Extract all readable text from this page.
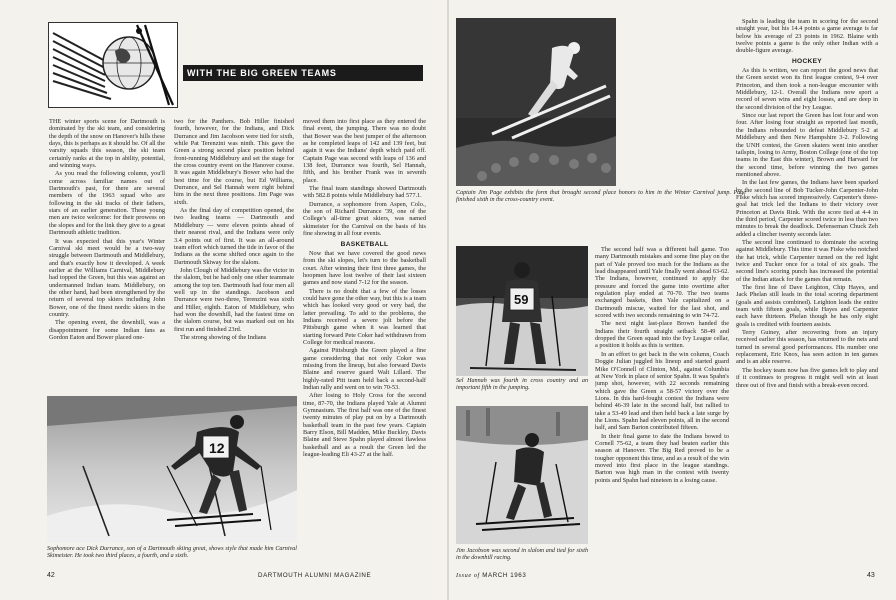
WITH THE BIG GREEN TEAMS

THE winter sports scene for Dartmouth is dominated by the ski team, and considering the depth of the snow on Hanover's hills these days, this is perhaps as it should be. Of all the varsity squads this season, the ski team certainly ranks at the top in ability, potential, and winning ways.

As you read the following column, you'll come across familiar names out of Dartmouth's past, for there are several members of the 1963 squad who are following in the ski tracks of their fathers, stars of an earlier generation. These young men are twice welcome: for their prowess on the slopes and for the link they give to a great Dartmouth athletic tradition.

It was expected that this year's Winter Carnival ski meet would be a two-way struggle between Dartmouth and Middlebury, and that's exactly how it developed. A week earlier at the Williams Carnival, Middlebury had topped the Green, but this was against an undermanned Indian team. Middlebury, on the other hand, had been strengthened by the return of several top skiers including John Bower, one of the finest nordic skiers in the country.

The opening event, the downhill, was a disappointment for some Indian fans as Gordon Eaton and Bower placed one-

two for the Panthers. Bob Hiller finished fourth, however, for the Indians, and Dick Durrance and Jim Jacobson were tied for sixth, while Pat Terenzini was ninth. This gave the Green a strong second place position behind front-running Middlebury and set the stage for the cross country event on the Hanover course. It was again Middlebury's Bower who had the best time for the course, but Ed Williams, Durrance, and Sel Hannah were right behind him in the next three positions. Jim Page was sixth.

As the final day of competition opened, the two leading teams — Dartmouth and Middlebury — were eleven points ahead of their nearest rival, and the Indians were only 3.4 points out of first. It was an all-around team effort which turned the tide in favor of the Indians as the scene shifted once again to the Dartmouth Skiway for the slalom.

John Clough of Middlebury was the victor in the slalom, but he had only one other teammate among the top ten. Dartmouth had four men all well up in the standings. Jacobson and Durrance were two-three, Terenzini was sixth and Hiller, eighth. Eaton of Middlebury, who had won the downhill, had the fastest time on the slalom course, but was marked out on his first run and finished 23rd.

The strong showing of the Indians

moved them into first place as they entered the final event, the jumping. There was no doubt that Bower was the best jumper of the afternoon as he completed leaps of 142 and 139 feet, but again it was the Indians' depth which paid off. Captain Page was second with leaps of 136 and 138 feet, Durrance was fourth, Sel Hannah, fifth, and his brother Frank was in seventh place.

The final team standings showed Dartmouth with 582.8 points while Middlebury had 577.1.

Durrance, a sophomore from Aspen, Colo., the son of Richard Durrance '39, one of the College's all-time great skiers, was named skimeister for the Carnival on the basis of his fine showing in all four events.

BASKETBALL

Now that we have covered the good news from the ski slopes, let's turn to the basketball court. After winning their first three games, the hoopmen have lost twelve of their last sixteen games and now stand 7-12 for the season.

There is no doubt that a few of the losses could have gone the other way, but this is a team which has looked very good or very bad, the latter prevailing. To add to the problems, the Indians received a severe jolt before the Pittsburgh game when it was learned that starting forward Pete Coker had withdrawn from College for medical reasons.

Against Pittsburgh the Green played a fine game considering that not only Coker was missing from the lineup, but also forward Davis Blaine and reserve guard Walt Lillard. The highly-rated Pitt team held back a second-half Indian rally and went on to win 70-53.

After losing to Holy Cross for the second time, 87-70, the Indians played Yale at Alumni Gymnasium. The first half was one of the finest twenty minutes of play put on by a Dartmouth basketball team in the past few years. Captain Barry Elson, Bill Madden, Mike Buckley, Davis Blaine and Steve Spahn played almost flawless basketball and as a result the Green led the league-leading Eli 43-27 at the half.

12
Sophomore ace Dick Durrance, son of a Dartmouth skiing great, shows style that made him Carnival Skimeister. He took two third places, a fourth, and a sixth.
42	DARTMOUTH ALUMNI MAGAZINE
Captain Jim Page exhibits the form that brought second place honors to him in the Winter Carnival jump. Page finished sixth in the cross-country event.
59
Sel Hannah was fourth in cross country and an important fifth in the jumping.
Jim Jacobson was second in slalom and tied for sixth in the downhill racing.

The second half was a different ball game. Too many Dartmouth mistakes and some fine play on the part of Yale proved too much for the Indians as the lead disappeared until Yale finally went ahead 63-62. The Indians, however, continued to apply the pressure and forced the game into overtime after regulation play ended at 70-70. The two teams exchanged baskets, then Yale capitalized on a Dartmouth miscue, waited for the last shot, and scored with two seconds remaining to win 74-72.

The next night last-place Brown handed the Indians their fourth straight setback 58-49 and dropped the Green squad into the Ivy League cellar, a position it holds as this is written.

In an effort to get back in the win column, Coach Doggie Julian juggled his lineup and started guard Mike O'Connell of Clinton, Md., against Columbia at New York in place of senior Spahn. It was Spahn's jump shot, however, with 22 seconds remaining which gave the Green a 58-57 victory over the Lions. In this hard-fought contest the Indians were behind 46-39 late in the second half, but rallied to take a 53-49 lead and then held back a late surge by the Lions. Spahn had eleven points, all in the second half, and Sam Barton contributed fifteen.

In their final game to date the Indians bowed to Cornell 75-62, a team they had beaten earlier this season at Hanover. The Big Red proved to be a tougher opponent this time, and as a result of the win moved into first place in the league standings. Barton was high man in the contest with twenty points and Spahn had nineteen in a losing cause.

Spahn is leading the team in scoring for the second straight year, but his 14.4 points a game average is far below his average of 23 points in 1962. Blaine with twelve points a game is the only other Indian with a double-figure average.

HOCKEY

As this is written, we can report the good news that the Green sextet won its first league contest, 9-4 over Princeton, and then took a non-league encounter with Middlebury, 12-1. Overall the Indians now sport a record of seven wins and eight losses, and are deep in the second division of the Ivy League.

Since our last report the Green has lost four and won four. After losing four straight as reported last month, the Indians rebounded to defeat Middlebury 5-2 at Middlebury and then New Hampshire 3-2. Following the UNH contest, the Green skaters went into another tailspin, losing to Army, Boston College (one of the top teams in the East this winter), Brown and Harvard for the second time, before winning the two games mentioned above.

In the last few games, the Indians have been sparked by the second line of Bob Tucker-John Carpenter-John Fiske which has scored impressively. Carpenter's three-goal hat trick led the Indians to their victory over Princeton at Davis Rink. With the score tied at 4-4 in the third period, Carpenter scored twice in less than two minutes to break the deadlock. Defenseman Chuck Zeh added a clincher twenty seconds later.

The second line continued to dominate the scoring against Middlebury. This time it was Fiske who notched the hat trick, while Carpenter turned on the red light twice and Tucker once for a total of six goals. The second line's scoring punch has increased the potential of the Indian attack for the games that remain.

The first line of Dave Leighton, Chip Hayes, and Jack Phelan still leads in the total scoring department (goals and assists combined). Leighton leads the entire team with fifteen goals, while Hayes and Carpenter each have thirteen. Phelan though he has only eight goals is credited with fourteen assists.

Terry Guiney, after recovering from an injury received earlier this season, has returned to the nets and turned in several good performances. His number one replacement, Eric Knox, has seen action in ten games and is an able reserve.

The hockey team now has five games left to play and if it continues to progress it might well win at least three out of five and finish with a break-even record.

Issue of MARCH 1963	43
